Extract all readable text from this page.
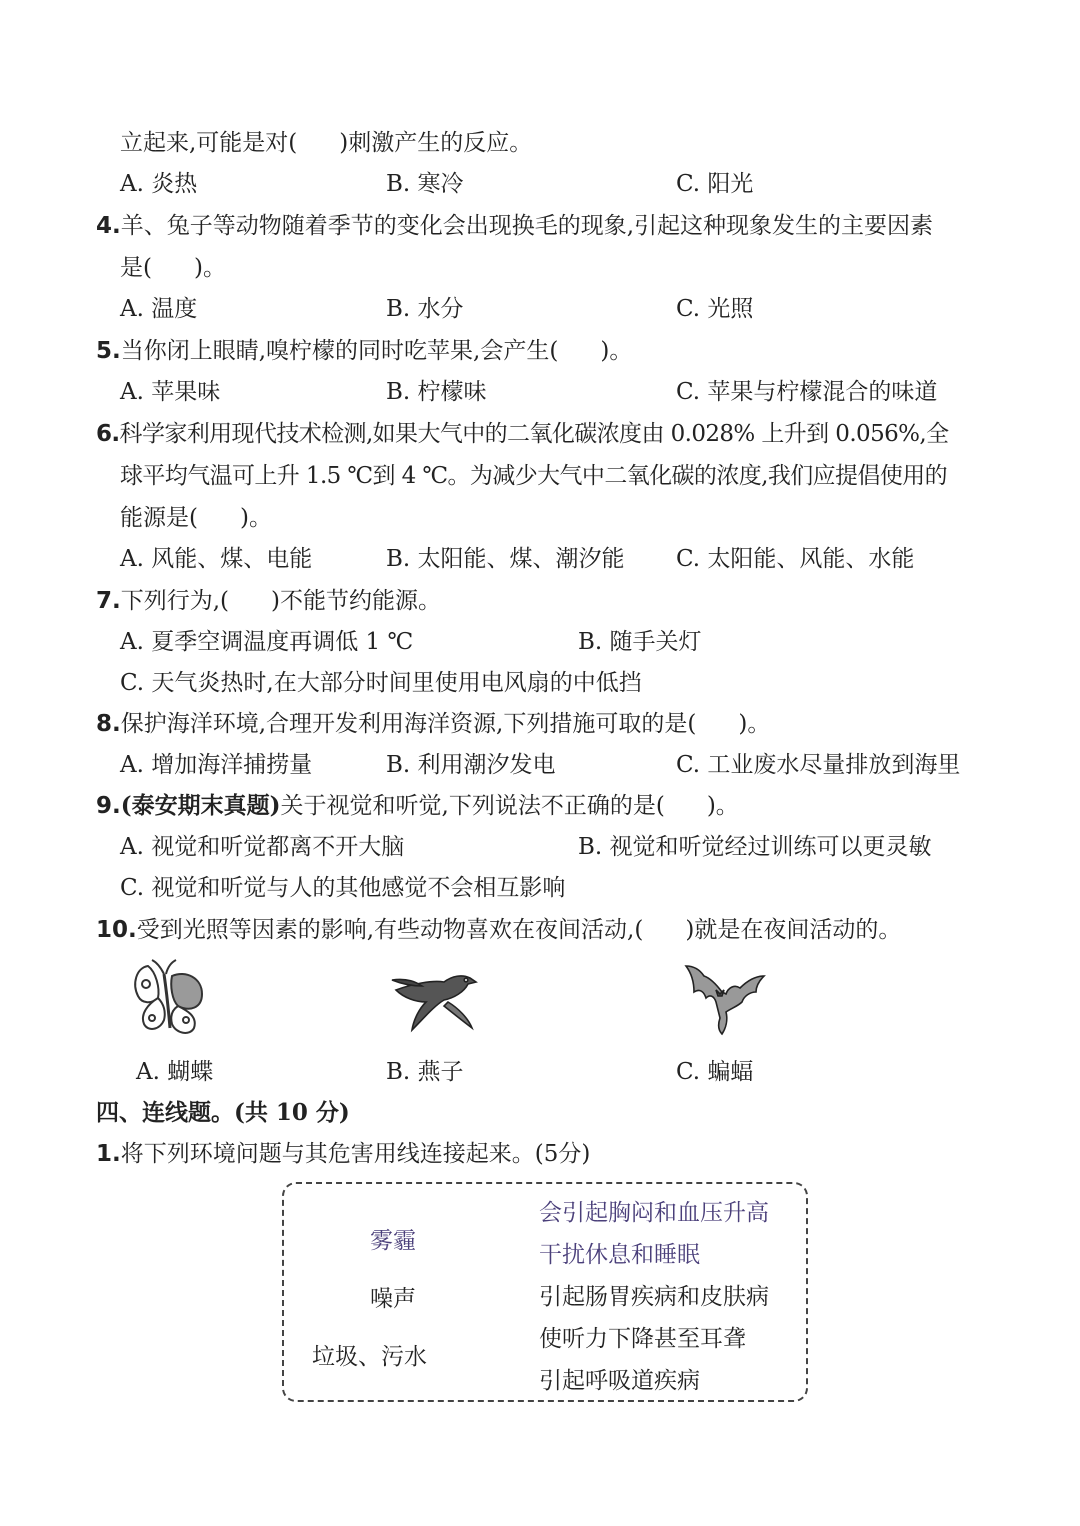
立起来,可能是对( )刺激产生的反应。
A. 炎热	B. 寒冷	C. 阳光
4.羊、兔子等动物随着季节的变化会出现换毛的现象,引起这种现象发生的主要因素
是( )。
A. 温度	B. 水分	C. 光照
5.当你闭上眼睛,嗅柠檬的同时吃苹果,会产生( )。
A. 苹果味	B. 柠檬味	C. 苹果与柠檬混合的味道
6.科学家利用现代技术检测,如果大气中的二氧化碳浓度由 0.028% 上升到 0.056%,全
球平均气温可上升 1.5 ℃到 4 ℃。为减少大气中二氧化碳的浓度,我们应提倡使用的
能源是( )。
A. 风能、煤、电能	B. 太阳能、煤、潮汐能 C. 太阳能、风能、水能
7.下列行为,( )不能节约能源。
A. 夏季空调温度再调低 1 ℃	B. 随手关灯
C. 天气炎热时,在大部分时间里使用电风扇的中低挡
8.保护海洋环境,合理开发利用海洋资源,下列措施可取的是( )。
A. 增加海洋捕捞量	B. 利用潮汐发电	C. 工业废水尽量排放到海里
9.(泰安期末真题)关于视觉和听觉,下列说法不正确的是( )。
A. 视觉和听觉都离不开大脑	B. 视觉和听觉经过训练可以更灵敏
C. 视觉和听觉与人的其他感觉不会相互影响
10.受到光照等因素的影响,有些动物喜欢在夜间活动,( )就是在夜间活动的。
A. 蝴蝶	B. 燕子	C. 蝙蝠
四、连线题。(共 10 分)
1.将下列环境问题与其危害用线连接起来。(5分)
雾霾
噪声
垃圾、污水
会引起胸闷和血压升高
干扰休息和睡眠
引起肠胃疾病和皮肤病
使听力下降甚至耳聋
引起呼吸道疾病
